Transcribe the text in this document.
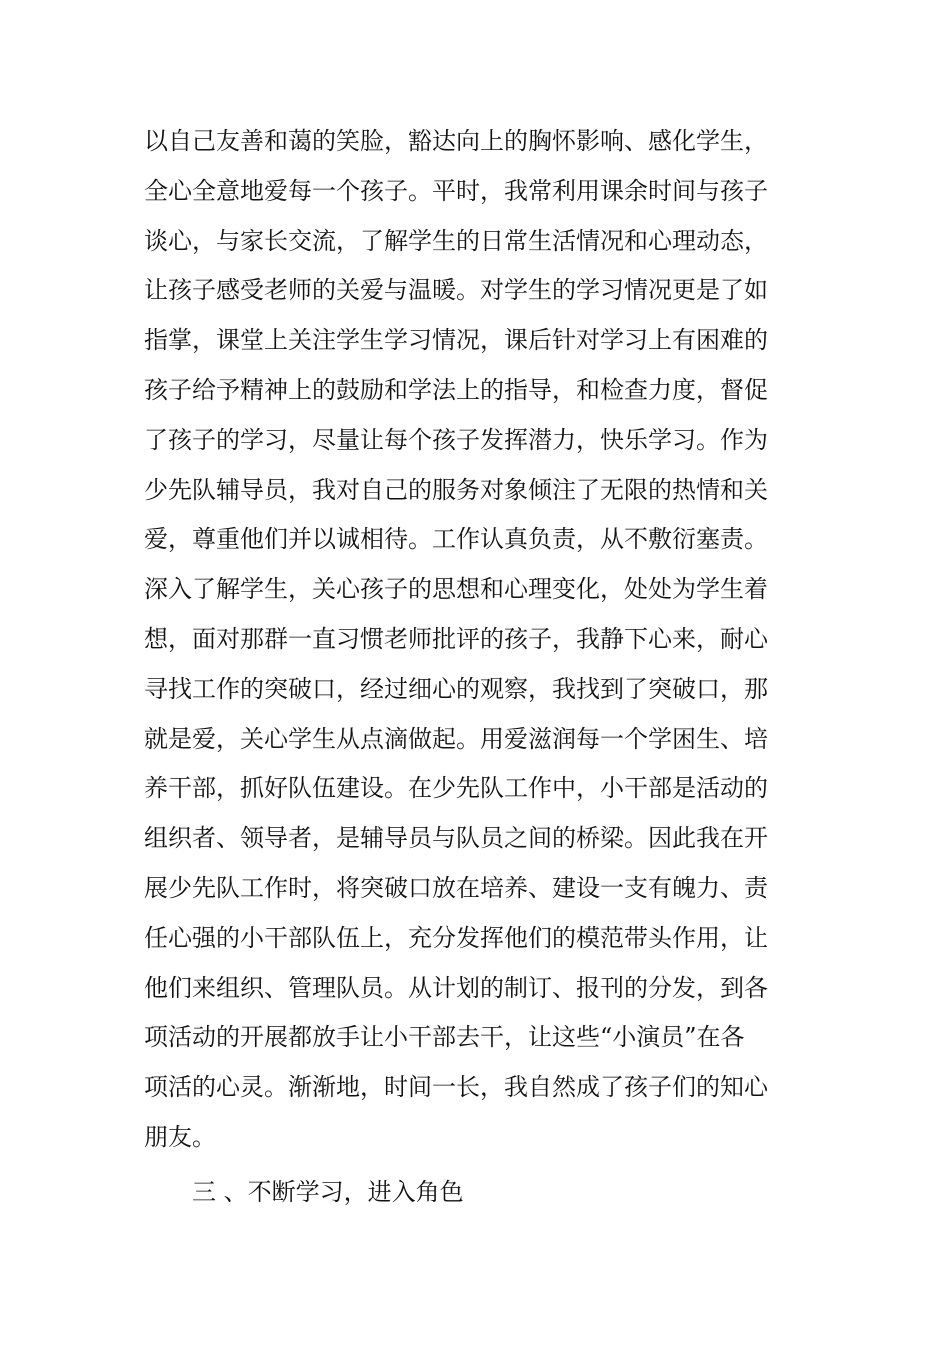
以自己友善和蔼的笑脸，豁达向上的胸怀影响、感化学生，
全心全意地爱每一个孩子。平时，我常利用课余时间与孩子
谈心，与家长交流，了解学生的日常生活情况和心理动态，
让孩子感受老师的关爱与温暖。对学生的学习情况更是了如
指掌，课堂上关注学生学习情况，课后针对学习上有困难的
孩子给予精神上的鼓励和学法上的指导，和检查力度，督促
了孩子的学习，尽量让每个孩子发挥潜力，快乐学习。作为
少先队辅导员，我对自己的服务对象倾注了无限的热情和关
爱，尊重他们并以诚相待。工作认真负责，从不敷衍塞责。
深入了解学生，关心孩子的思想和心理变化，处处为学生着
想，面对那群一直习惯老师批评的孩子，我静下心来，耐心
寻找工作的突破口，经过细心的观察，我找到了突破口，那
就是爱，关心学生从点滴做起。用爱滋润每一个学困生、培
养干部，抓好队伍建设。在少先队工作中，小干部是活动的
组织者、领导者，是辅导员与队员之间的桥梁。因此我在开
展少先队工作时，将突破口放在培养、建设一支有魄力、责
任心强的小干部队伍上，充分发挥他们的模范带头作用，让
他们来组织、管理队员。从计划的制订、报刊的分发，到各
项活动的开展都放手让小干部去干，让这些“小演员”在各
项活的心灵。渐渐地，时间一长，我自然成了孩子们的知心
朋友。
三 、不断学习，进入角色
